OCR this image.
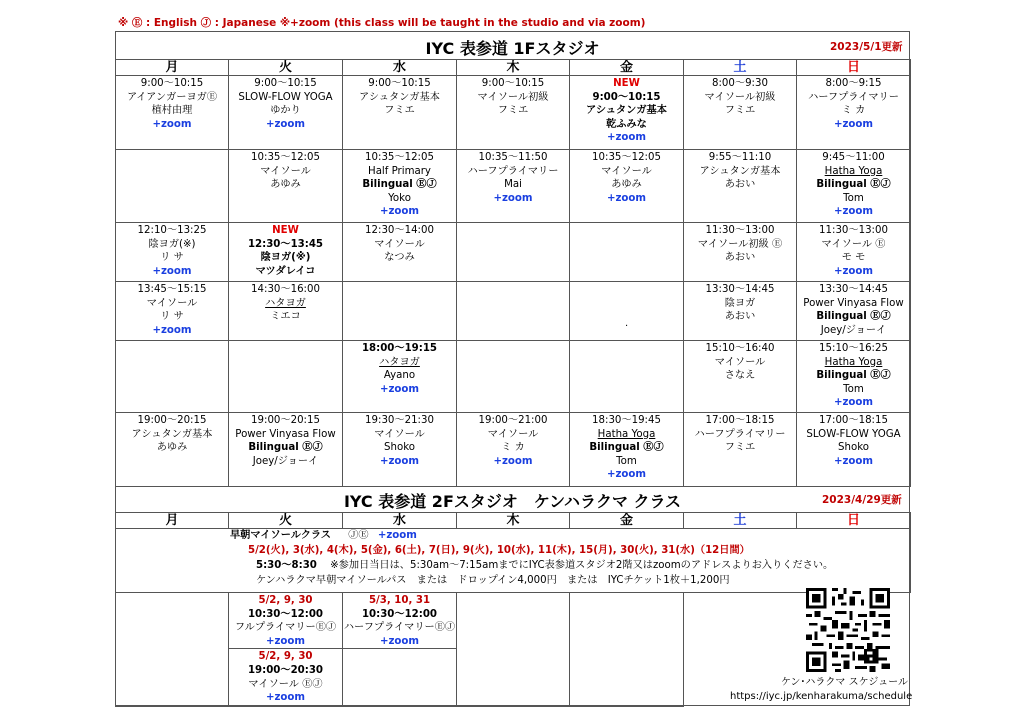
※ Ⓔ : English Ⓙ : Japanese ※+zoom (this class will be taught in the studio and via zoom)
IYC 表参道 1Fスタジオ	2023/5/1更新
月	火	水	木	金	土	日

9:00〜10:15
アイアンガーヨガⒺ
植村由理
+zoom	9:00〜10:15
SLOW-FLOW YOGA
ゆかり
+zoom	9:00〜10:15
アシュタンガ基本
フミエ	9:00〜10:15
マイソール初級
フミエ	NEW
9:00〜10:15
アシュタンガ基本
乾ふみな
+zoom	8:00〜9:30
マイソール初級
フミエ	8:00〜9:15
ハーフプライマリー
ミ カ
+zoom

	10:35〜12:05
マイソール
あゆみ	10:35〜12:05
Half Primary
Bilingual ⒺⒿ
Yoko
+zoom	10:35〜11:50
ハーフプライマリー
Mai
+zoom	10:35〜12:05
マイソール
あゆみ
+zoom	9:55〜11:10
アシュタンガ基本
あおい	9:45〜11:00
Hatha Yoga
Bilingual ⒺⒿ
Tom
+zoom

12:10〜13:25
陰ヨガ(※)
リ サ
+zoom	NEW
12:30〜13:45
陰ヨガ(※)
マツダレイコ	12:30〜14:00
マイソール
なつみ			11:30〜13:00
マイソール初級 Ⓔ
あおい	11:30〜13:00
マイソール Ⓔ
モ モ
+zoom

13:45〜15:15
マイソール
リ サ
+zoom	14:30〜16:00
ハタヨガ
ミエコ				13:30〜14:45
陰ヨガ
あおい	13:30〜14:45
Power Vinyasa Flow
Bilingual ⒺⒿ
Joey/ジョーイ

		18:00〜19:15
ハタヨガ
Ayano
+zoom			15:10〜16:40
マイソール
さなえ	15:10〜16:25
Hatha Yoga
Bilingual ⒺⒿ
Tom
+zoom

19:00〜20:15
アシュタンガ基本
あゆみ	19:00〜20:15
Power Vinyasa Flow
Bilingual ⒺⒿ
Joey/ジョーイ	19:30〜21:30
マイソール
Shoko
+zoom	19:00〜21:00
マイソール
ミ カ
+zoom	18:30〜19:45
Hatha Yoga
Bilingual ⒺⒿ
Tom
+zoom	17:00〜18:15
ハーフプライマリー
フミエ	17:00〜18:15
SLOW-FLOW YOGA
Shoko
+zoom
.
IYC 表参道 2Fスタジオ　ケンハラクマ クラス	2023/4/29更新
月	火	水	木	金	土	日

	5/2, 9, 30
10:30〜12:00
フルプライマリーⒺⒿ
+zoom	5/3, 10, 31
10:30〜12:00
ハーフプライマリーⒺⒿ
+zoom				

	5/2, 9, 30
19:00〜20:30
マイソール ⒺⒿ
+zoom					

早朝マイソールクラス ⒿⒺ +zoom
5/2(火), 3(水), 4(木), 5(金), 6(土), 7(日), 9(火), 10(水), 11(木), 15(月), 30(火), 31(水)（12日間）
5:30〜8:30 ※参加日当日は、5:30am〜7:15amまでにIYC表参道スタジオ2階又はzoomのアドレスよりお入りください。
ケンハラクマ早朝マイソールパス　または　ドロップイン4,000円　または　IYCチケット1枚＋1,200円
ケン･ハラクマ スケジュール
https://iyc.jp/kenharakuma/schedule
